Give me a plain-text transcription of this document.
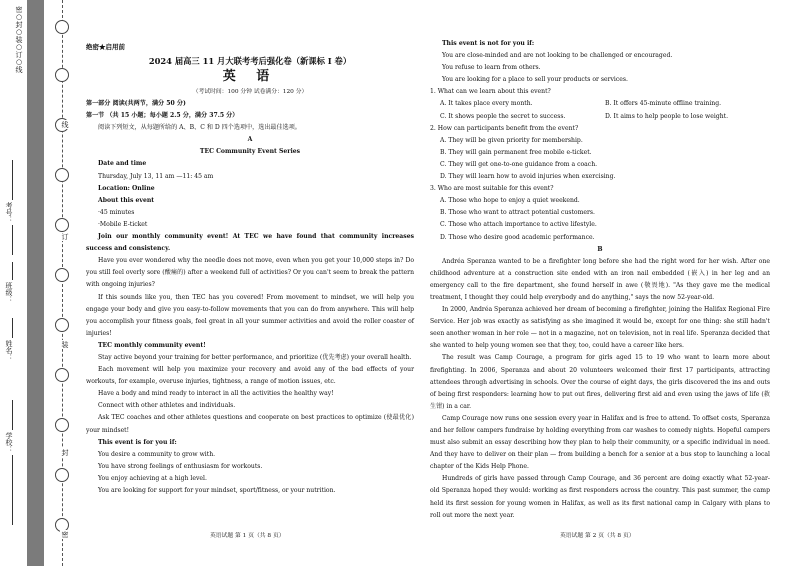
密○封○装○订○线
线
订
装
封
密
考号：
班级：
姓名：
学校：
绝密★启用前
2024 届高三 11 月大联考考后强化卷（新课标 I 卷）
英 语
（考试时间：100 分钟 试卷满分：120 分）

第一部分 阅读(共两节，满分 50 分)

第一节 （共 15 小题；每小题 2.5 分，满分 37.5 分）

阅读下列短文，从每题所给的 A、B、C 和 D 四个选项中，选出最佳选项。

A

TEC Community Event Series

Date and time

Thursday, July 13, 11 am —11: 45 am

Location: Online

About this event

·45 minutes

·Mobile E-ticket

Join our monthly community event! At TEC we have found that community increases success and consistency.

Have you ever wondered why the needle does not move, even when you get your 10,000 steps in? Do you still feel overly sore (酸痛的) after a weekend full of activities? Or you can't seem to break the pattern with ongoing injuries?

If this sounds like you, then TEC has you covered! From movement to mindset, we will help you engage your body and give you easy-to-follow movements that you can do from anywhere. This will help you accomplish your fitness goals, feel great in all your summer activities and avoid the roller coaster of injuries!

TEC monthly community event!

Stay active beyond your training for better performance, and prioritize (优先考虑) your overall health.

Each movement will help you maximize your recovery and avoid any of the bad effects of your workouts, for example, overuse injuries, tightness, a range of motion issues, etc.

Have a body and mind ready to interact in all the activities the healthy way!

Connect with other athletes and individuals.

Ask TEC coaches and other athletes questions and cooperate on best practices to optimize (使最优化) your mindset!

This event is for you if:

You desire a community to grow with.

You have strong feelings of enthusiasm for workouts.

You enjoy achieving at a high level.

You are looking for support for your mindset, sport/fitness, or your nutrition.

This event is not for you if:

You are close-minded and are not looking to be challenged or encouraged.

You refuse to learn from others.

You are looking for a place to sell your products or services.

1. What can we learn about this event?

A. It takes place every month.	B. It offers 45-minute offline training.
C. It shows people the secret to success.	D. It aims to help people to lose weight.

2. How can participants benefit from the event?

A. They will be given priority for membership.

B. They will gain permanent free mobile e-ticket.

C. They will get one-to-one guidance from a coach.

D. They will learn how to avoid injuries when exercising.

3. Who are most suitable for this event?

A. Those who hope to enjoy a quiet weekend.

B. Those who want to attract potential customers.

C. Those who attach importance to active lifestyle.

D. Those who desire good academic performance.

B

Andréa Speranza wanted to be a firefighter long before she had the right word for her wish. After one childhood adventure at a construction site ended with an iron nail embedded (嵌入) in her leg and an emergency call to the fire department, she found herself in awe (敬畏地). "As they gave me the medical treatment, I thought they could help everybody and do anything," says the now 52-year-old.

In 2000, Andréa Speranza achieved her dream of becoming a firefighter, joining the Halifax Regional Fire Service. Her job was exactly as satisfying as she imagined it would be, except for one thing: she still hadn't seen another woman in her role — not in a magazine, not on television, not in real life. Speranza decided that she wanted to help young women see that they, too, could have a career like hers.

The result was Camp Courage, a program for girls aged 15 to 19 who want to learn more about firefighting. In 2006, Speranza and about 20 volunteers welcomed their first 17 participants, attracting attendees through advertising in schools. Over the course of eight days, the girls discovered the ins and outs of being first responders: learning how to put out fires, delivering first aid and even using the jaws of life (救生钳) in a car.

Camp Courage now runs one session every year in Halifax and is free to attend. To offset costs, Speranza and her fellow campers fundraise by holding everything from car washes to comedy nights. Hopeful campers must also submit an essay describing how they plan to help their community, or a specific individual in need. And they have to deliver on their plan — from building a bench for a senior at a bus stop to launching a local chapter of the Kids Help Phone.

Hundreds of girls have passed through Camp Courage, and 36 percent are doing exactly what 52-year-old Speranza hoped they would: working as first responders across the country. This past summer, the camp held its first session for young women in Halifax, as well as its first national camp in Calgary with plans to roll out more the next year.

英语试题 第 1 页（共 8 页）	英语试题 第 2 页（共 8 页）
